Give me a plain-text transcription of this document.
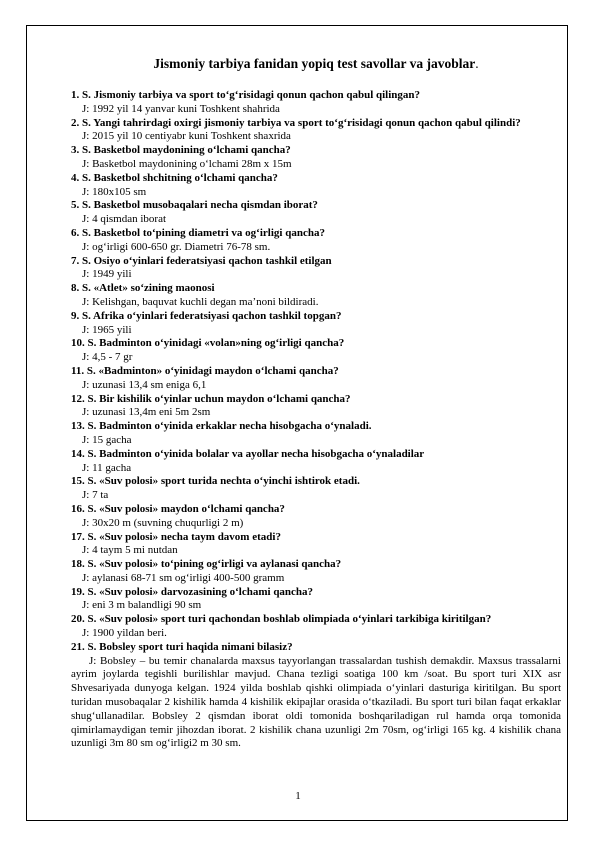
Jismoniy tarbiya fanidan yopiq test savollar va javoblar.
1. S. Jismoniy tarbiya va sport to‘g‘risidagi qonun qachon qabul qilingan?
J: 1992 yil 14 yanvar kuni Toshkent shahrida
2. S. Yangi tahrirdagi oxirgi jismoniy tarbiya va sport to‘g‘risidagi qonun qachon qabul qilindi?
J: 2015 yil 10 centiyabr kuni Toshkent shaxrida
3. S. Basketbol maydonining o‘lchami qancha?
J: Basketbol maydonining o‘lchami 28m x 15m
4. S. Basketbol shchitning o‘lchami qancha?
J: 180x105 sm
5. S. Basketbol musobaqalari necha qismdan iborat?
J: 4 qismdan iborat
6. S. Basketbol to‘pining diametri va og‘irligi qancha?
J: og‘irligi 600-650 gr. Diametri 76-78 sm.
7. S. Osiyo o‘yinlari federatsiyasi qachon tashkil etilgan
J: 1949 yili
8. S. «Atlet» so‘zining maonosi
J: Kelishgan, baquvat kuchli degan ma’noni bildiradi.
9. S. Afrika o‘yinlari federatsiyasi qachon tashkil topgan?
J: 1965 yili
10. S. Badminton o‘yinidagi «volan»ning og‘irligi qancha?
J: 4,5 - 7 gr
11. S. «Badminton» o‘yinidagi maydon o‘lchami qancha?
J: uzunasi 13,4 sm eniga 6,1
12. S. Bir kishilik o‘yinlar uchun maydon o‘lchami qancha?
J: uzunasi 13,4m eni 5m 2sm
13. S. Badminton o‘yinida erkaklar necha hisobgacha o‘ynaladi.
J: 15 gacha
14. S. Badminton o‘yinida bolalar va ayollar necha hisobgacha o‘ynaladilar
J: 11 gacha
15. S. «Suv polosi» sport turida nechta o‘yinchi ishtirok etadi.
J: 7 ta
16. S. «Suv polosi» maydon o‘lchami qancha?
J: 30x20 m (suvning chuqurligi 2 m)
17. S. «Suv polosi» necha taym davom etadi?
J: 4 taym 5 mi nutdan
18. S. «Suv polosi» to‘pining og‘irligi va aylanasi qancha?
J: aylanasi 68-71 sm og‘irligi 400-500 gramm
19. S. «Suv polosi» darvozasining o‘lchami qancha?
J: eni 3 m balandligi 90 sm
20. S. «Suv polosi» sport turi qachondan boshlab olimpiada o‘yinlari tarkibiga kiritilgan?
J: 1900 yildan beri.
21. S. Bobsley sport turi haqida nimani bilasiz?
J: Bobsley – bu temir chanalarda maxsus tayyorlangan trassalardan tushish demakdir. Maxsus trassalarni ayrim joylarda tegishli burilishlar mavjud. Chana tezligi soatiga 100 km /soat. Bu sport turi XIX asr Shvesariyada dunyoga kelgan. 1924 yilda boshlab qishki olimpiada o‘yinlari dasturiga kiritilgan. Bu sport turidan musobaqalar 2 kishilik hamda 4 kishilik ekipajlar orasida o‘tkaziladi. Bu sport turi bilan faqat erkaklar shug‘ullanadilar. Bobsley 2 qismdan iborat oldi tomonida boshqariladigan rul hamda orqa tomonida qimirlamaydigan temir jihozdan iborat. 2 kishilik chana uzunligi 2m 70sm, og‘irligi 165 kg. 4 kishilik chana uzunligi 3m 80 sm og‘irligi2 m 30 sm.
1
